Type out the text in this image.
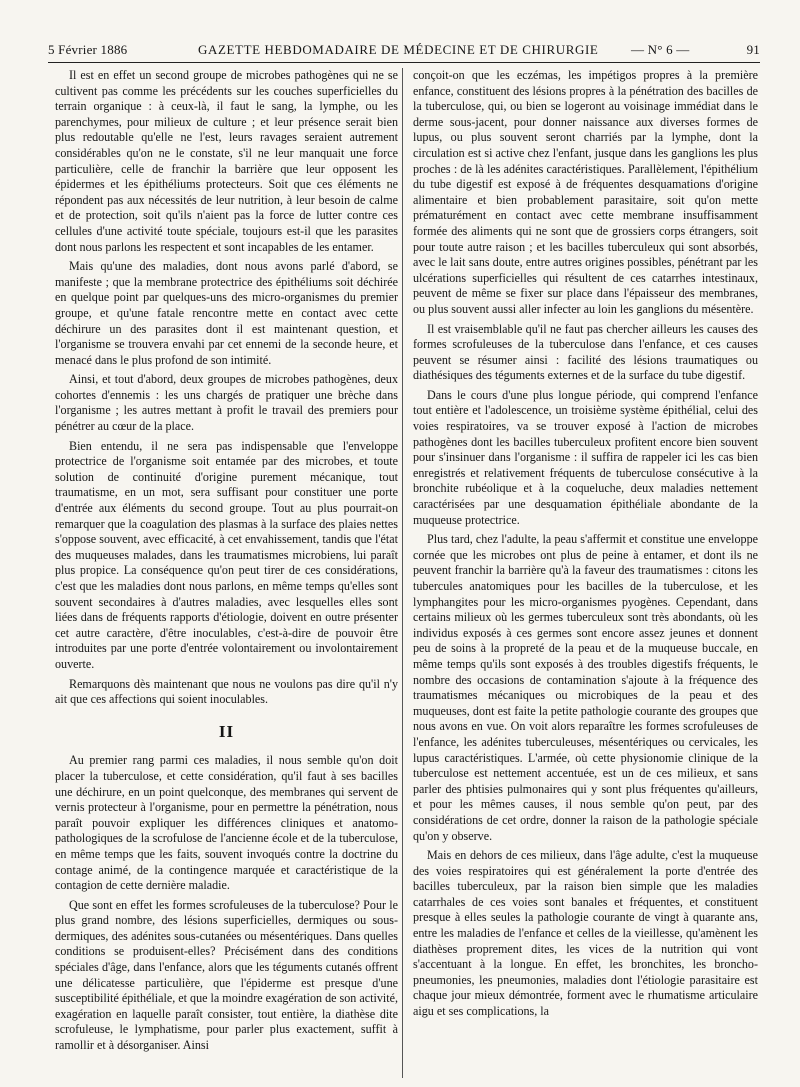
5 Février 1886	GAZETTE HEBDOMADAIRE DE MÉDECINE ET DE CHIRURGIE	— N° 6 —	91

Il est en effet un second groupe de microbes pathogènes qui ne se cultivent pas comme les précédents sur les couches superficielles du terrain organique : à ceux-là, il faut le sang, la lymphe, ou les parenchymes, pour milieux de culture ; et leur présence serait bien plus redoutable qu'elle ne l'est, leurs ravages seraient autrement considérables qu'on ne le constate, s'il ne leur manquait une force particulière, celle de franchir la barrière que leur opposent les épidermes et les épithéliums protecteurs. Soit que ces éléments ne répondent pas aux nécessités de leur nutrition, à leur besoin de calme et de protection, soit qu'ils n'aient pas la force de lutter contre ces cellules d'une activité toute spéciale, toujours est-il que les parasites dont nous parlons les respectent et sont incapables de les entamer.

Mais qu'une des maladies, dont nous avons parlé d'abord, se manifeste ; que la membrane protectrice des épithéliums soit déchirée en quelque point par quelques-uns des micro-organismes du premier groupe, et qu'une fatale rencontre mette en contact avec cette déchirure un des parasites dont il est maintenant question, et l'organisme se trouvera envahi par cet ennemi de la seconde heure, et menacé dans le plus profond de son intimité.

Ainsi, et tout d'abord, deux groupes de microbes pathogènes, deux cohortes d'ennemis : les uns chargés de pratiquer une brèche dans l'organisme ; les autres mettant à profit le travail des premiers pour pénétrer au cœur de la place.

Bien entendu, il ne sera pas indispensable que l'enveloppe protectrice de l'organisme soit entamée par des microbes, et toute solution de continuité d'origine purement mécanique, tout traumatisme, en un mot, sera suffisant pour constituer une porte d'entrée aux éléments du second groupe. Tout au plus pourrait-on remarquer que la coagulation des plasmas à la surface des plaies nettes s'oppose souvent, avec efficacité, à cet envahissement, tandis que l'état des muqueuses malades, dans les traumatismes microbiens, lui paraît plus propice. La conséquence qu'on peut tirer de ces considérations, c'est que les maladies dont nous parlons, en même temps qu'elles sont souvent secondaires à d'autres maladies, avec lesquelles elles sont liées dans de fréquents rapports d'étiologie, doivent en outre présenter cet autre caractère, d'être inoculables, c'est-à-dire de pouvoir être introduites par une porte d'entrée volontairement ou involontairement ouverte.

Remarquons dès maintenant que nous ne voulons pas dire qu'il n'y ait que ces affections qui soient inoculables.

II

Au premier rang parmi ces maladies, il nous semble qu'on doit placer la tuberculose, et cette considération, qu'il faut à ses bacilles une déchirure, en un point quelconque, des membranes qui servent de vernis protecteur à l'organisme, pour en permettre la pénétration, nous paraît pouvoir expliquer les différences cliniques et anatomo-pathologiques de la scrofulose de l'ancienne école et de la tuberculose, en même temps que les faits, souvent invoqués contre la doctrine du contage animé, de la contingence marquée et caractéristique de la contagion de cette dernière maladie.

Que sont en effet les formes scrofuleuses de la tuberculose? Pour le plus grand nombre, des lésions superficielles, dermiques ou sous-dermiques, des adénites sous-cutanées ou mésentériques. Dans quelles conditions se produisent-elles? Précisément dans des conditions spéciales d'âge, dans l'enfance, alors que les téguments cutanés offrent une délicatesse particulière, que l'épiderme est presque d'une susceptibilité épithéliale, et que la moindre exagération de son activité, exagération en laquelle paraît consister, tout entière, la diathèse dite scrofuleuse, le lymphatisme, pour parler plus exactement, suffit à ramollir et à désorganiser. Ainsi

conçoit-on que les eczémas, les impétigos propres à la première enfance, constituent des lésions propres à la pénétration des bacilles de la tuberculose, qui, ou bien se logeront au voisinage immédiat dans le derme sous-jacent, pour donner naissance aux diverses formes de lupus, ou plus souvent seront charriés par la lymphe, dont la circulation est si active chez l'enfant, jusque dans les ganglions les plus proches : de là les adénites caractéristiques. Parallèlement, l'épithélium du tube digestif est exposé à de fréquentes desquamations d'origine alimentaire et bien probablement parasitaire, soit qu'on mette prématurément en contact avec cette membrane insuffisamment formée des aliments qui ne sont que de grossiers corps étrangers, soit pour toute autre raison ; et les bacilles tuberculeux qui sont absorbés, avec le lait sans doute, entre autres origines possibles, pénétrant par les ulcérations superficielles qui résultent de ces catarrhes intestinaux, peuvent de même se fixer sur place dans l'épaisseur des membranes, ou plus souvent aussi aller infecter au loin les ganglions du mésentère.

Il est vraisemblable qu'il ne faut pas chercher ailleurs les causes des formes scrofuleuses de la tuberculose dans l'enfance, et ces causes peuvent se résumer ainsi : facilité des lésions traumatiques ou diathésiques des téguments externes et de la surface du tube digestif.

Dans le cours d'une plus longue période, qui comprend l'enfance tout entière et l'adolescence, un troisième système épithélial, celui des voies respiratoires, va se trouver exposé à l'action de microbes pathogènes dont les bacilles tuberculeux profitent encore bien souvent pour s'insinuer dans l'organisme : il suffira de rappeler ici les cas bien enregistrés et relativement fréquents de tuberculose consécutive à la bronchite rubéolique et à la coqueluche, deux maladies nettement caractérisées par une desquamation épithéliale abondante de la muqueuse protectrice.

Plus tard, chez l'adulte, la peau s'affermit et constitue une enveloppe cornée que les microbes ont plus de peine à entamer, et dont ils ne peuvent franchir la barrière qu'à la faveur des traumatismes : citons les tubercules anatomiques pour les bacilles de la tuberculose, et les lymphangites pour les micro-organismes pyogènes. Cependant, dans certains milieux où les germes tuberculeux sont très abondants, où les individus exposés à ces germes sont encore assez jeunes et donnent peu de soins à la propreté de la peau et de la muqueuse buccale, en même temps qu'ils sont exposés à des troubles digestifs fréquents, le nombre des occasions de contamination s'ajoute à la fréquence des traumatismes mécaniques ou microbiques de la peau et des muqueuses, dont est faite la petite pathologie courante des groupes que nous avons en vue. On voit alors reparaître les formes scrofuleuses de l'enfance, les adénites tuberculeuses, mésentériques ou cervicales, les lupus caractéristiques. L'armée, où cette physionomie clinique de la tuberculose est nettement accentuée, est un de ces milieux, et sans parler des phtisies pulmonaires qui y sont plus fréquentes qu'ailleurs, et pour les mêmes causes, il nous semble qu'on peut, par des considérations de cet ordre, donner la raison de la pathologie spéciale qu'on y observe.

Mais en dehors de ces milieux, dans l'âge adulte, c'est la muqueuse des voies respiratoires qui est généralement la porte d'entrée des bacilles tuberculeux, par la raison bien simple que les maladies catarrhales de ces voies sont banales et fréquentes, et constituent presque à elles seules la pathologie courante de vingt à quarante ans, entre les maladies de l'enfance et celles de la vieillesse, qu'amènent les diathèses proprement dites, les vices de la nutrition qui vont s'accentuant à la longue. En effet, les bronchites, les broncho-pneumonies, les pneumonies, maladies dont l'étiologie parasitaire est chaque jour mieux démontrée, forment avec le rhumatisme articulaire aigu et ses complications, la
